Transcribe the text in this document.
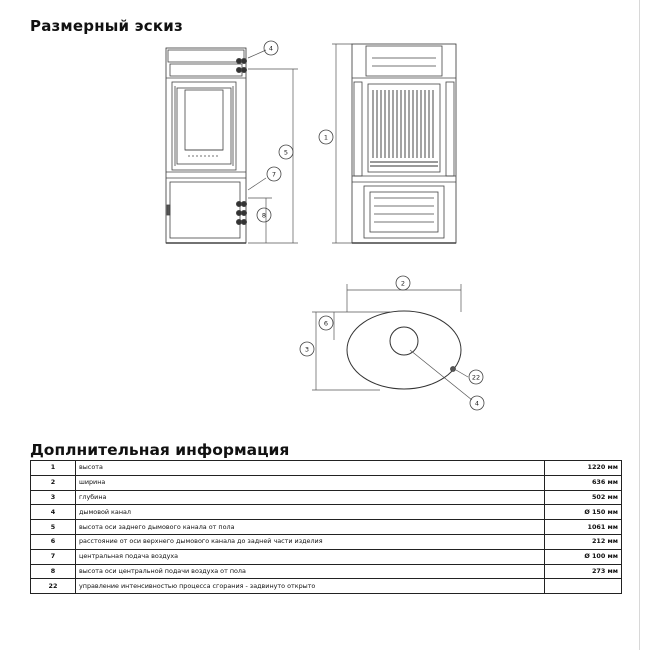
Размерный эскиз
4
5
7
8
1
2
6
3
22
4
Доплнительная информация
1	высота	1220 мм
2	ширина	636 мм
3	глубина	502 мм
4	дымовой канал	Ø 150 мм
5	высота оси заднего дымового канала от пола	1061 мм
6	расстояние от оси верхнего дымового канала до задней части изделия	212 мм
7	центральная подача воздуха	Ø 100 мм
8	высота оси центральной подачи воздуха от пола	273 мм
22	управление интенсивностью процесса сгорания - задвинуто открыто	
